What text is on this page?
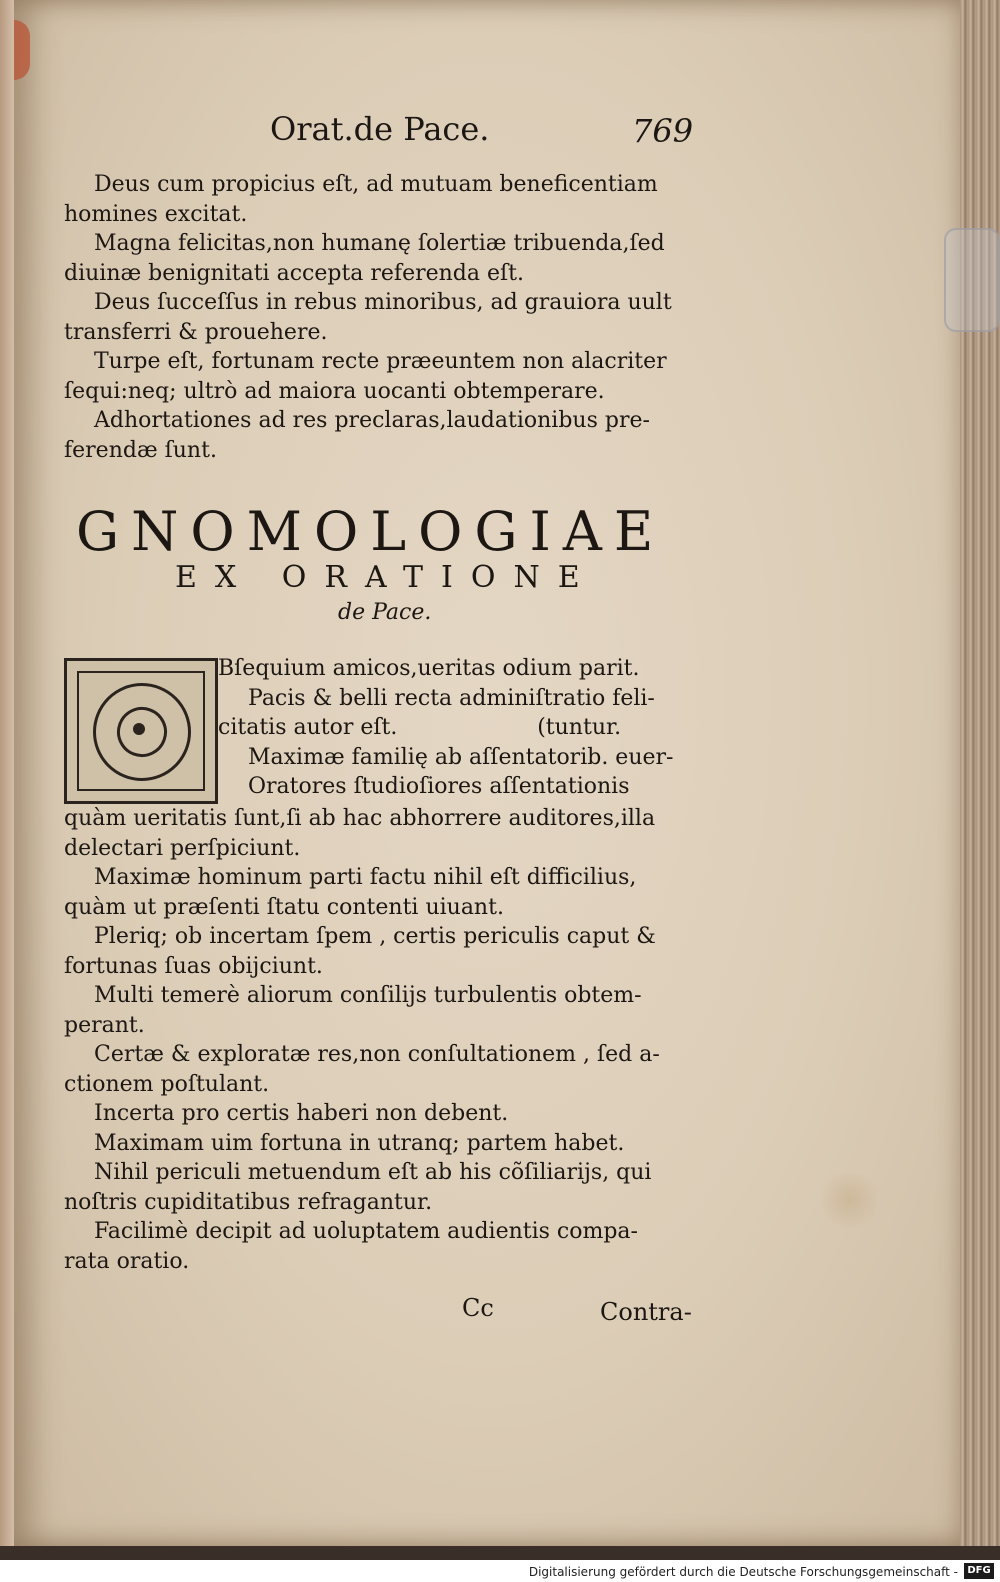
Orat.de Pace.	769
Deus cum propicius eſt, ad mutuam beneficentiam
homines excitat.
Magna felicitas,non humanę ſolertiæ tribuenda,ſed
diuinæ benignitati accepta referenda eſt.
Deus ſucceſſus in rebus minoribus, ad grauiora uult
transferri & prouehere.
Turpe eſt, fortunam recte præeuntem non alacriter
ſequi:neq; ultrò ad maiora uocanti obtemperare.
Adhortationes ad res preclaras,laudationibus pre-
ferendæ ſunt.
GNOMOLOGIAE
EX ORATIONE
de Pace.
Bſequium amicos,ueritas odium parit.
Pacis & belli recta adminiſtratio feli-
citatis autor eſt.                    (tuntur.
Maximæ familię ab aſſentatorib. euer-
Oratores ſtudioſiores aſſentationis
quàm ueritatis ſunt,ſi ab hac abhorrere auditores,illa
delectari perſpiciunt.
Maximæ hominum parti factu nihil eſt difficilius,
quàm ut præſenti ſtatu contenti uiuant.
Pleriq; ob incertam ſpem , certis periculis caput &
fortunas ſuas obijciunt.
Multi temerè aliorum conſilijs turbulentis obtem-
perant.
Certæ & exploratæ res,non conſultationem , ſed a-
ctionem poſtulant.
Incerta pro certis haberi non debent.
Maximam uim fortuna in utranq; partem habet.
Nihil periculi metuendum eſt ab his cõſiliarijs, qui
noſtris cupiditatibus refragantur.
Facilimè decipit ad uoluptatem audientis compa-
rata oratio.
Cc	Contra-
Digitalisierung gefördert durch die Deutsche Forschungsgemeinschaft - DFG
